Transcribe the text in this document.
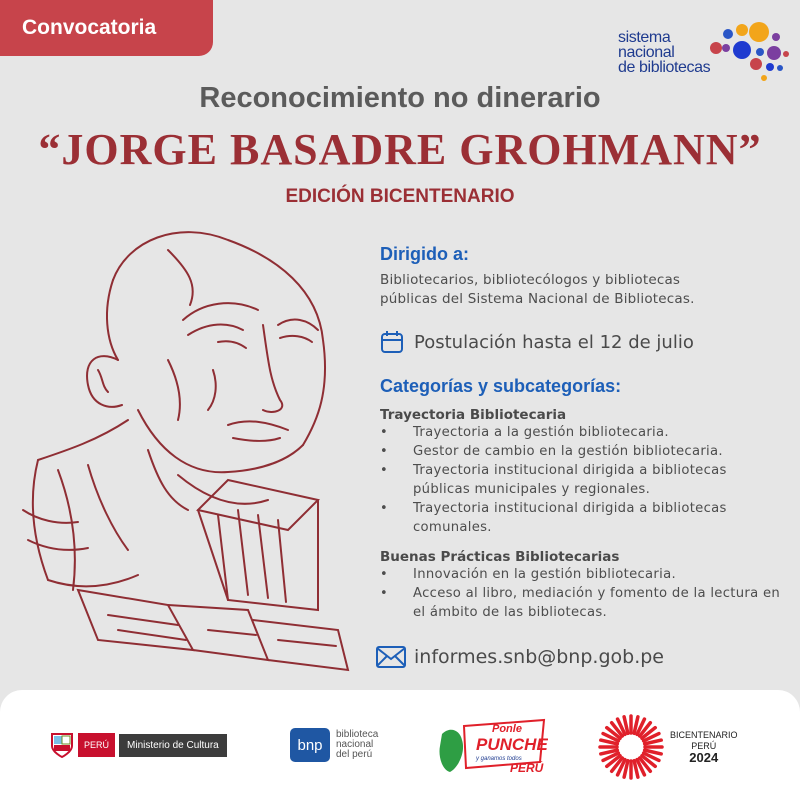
Convocatoria	sistema
nacional
de bibliotecas
Reconocimiento no dinerario
“JORGE BASADRE GROHMANN”
EDICIÓN BICENTENARIO
Dirigido a:
Bibliotecarios, bibliotecólogos y bibliotecas
públicas del Sistema Nacional de Bibliotecas.
Postulación hasta el 12 de julio
Categorías y subcategorías:
Trayectoria Bibliotecaria
• Trayectoria a la gestión bibliotecaria.
• Gestor de cambio en la gestión bibliotecaria.
• Trayectoria institucional dirigida a bibliotecas públicas municipales y regionales.
• Trayectoria institucional dirigida a bibliotecas comunales.
Buenas Prácticas Bibliotecarias
• Innovación en la gestión bibliotecaria.
• Acceso al libro, mediación y fomento de la lectura en el ámbito de las bibliotecas.
informes.snb@bnp.gob.pe
PERÚ	Ministerio de Cultura	bnp
biblioteca
nacional
del perú
Ponle
PUNCHE
y ganamos todos
PERÚ
BICENTENARIO
PERÚ
2024
